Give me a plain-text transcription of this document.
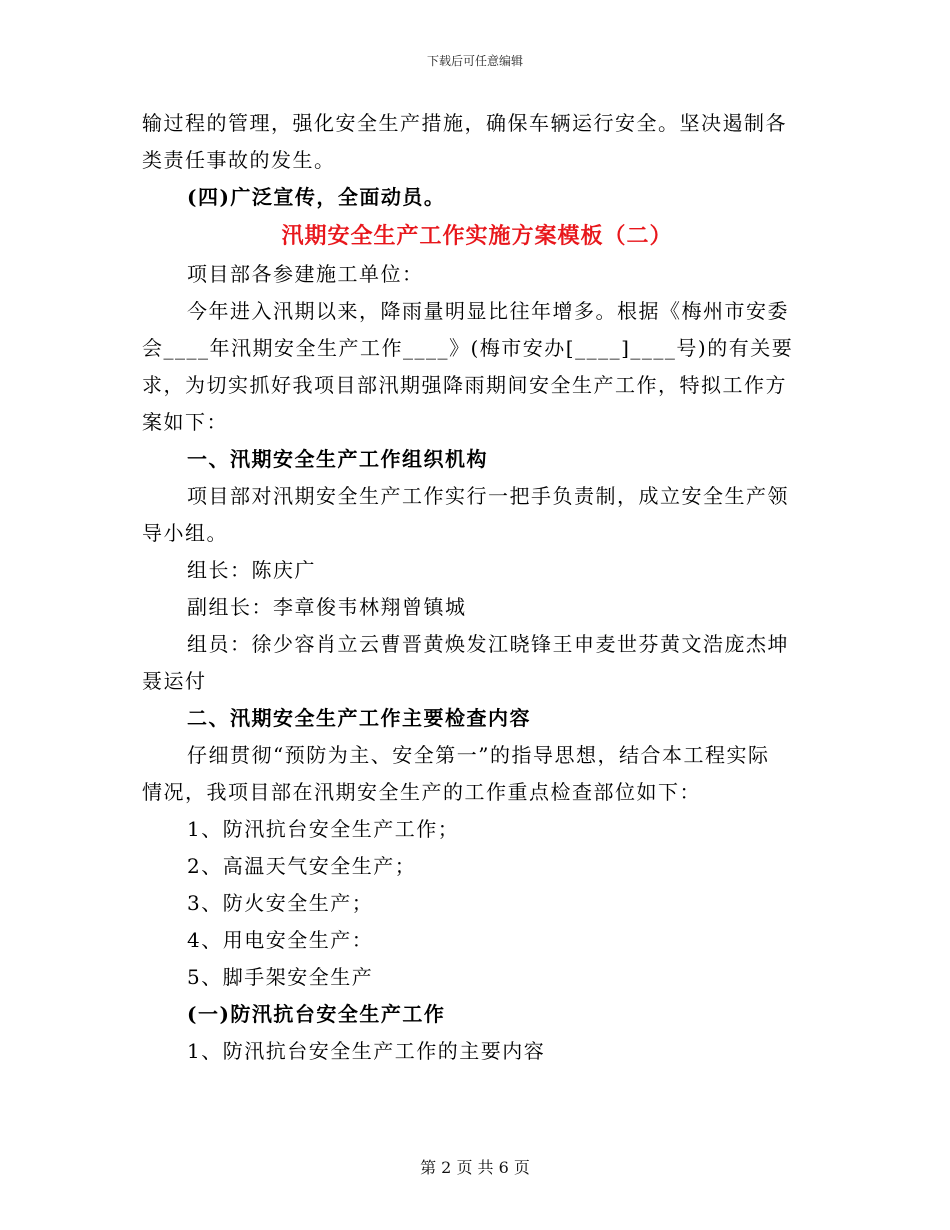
下载后可任意编辑
输过程的管理，强化安全生产措施，确保车辆运行安全。坚决遏制各
类责任事故的发生。
(四)广泛宣传，全面动员。
汛期安全生产工作实施方案模板（二）
项目部各参建施工单位：
今年进入汛期以来，降雨量明显比往年增多。根据《梅州市安委
会____年汛期安全生产工作____》(梅市安办[____]____号)的有关要
求，为切实抓好我项目部汛期强降雨期间安全生产工作，特拟工作方
案如下：
一、汛期安全生产工作组织机构
项目部对汛期安全生产工作实行一把手负责制，成立安全生产领
导小组。
组长：陈庆广
副组长：李章俊韦林翔曾镇城
组员：徐少容肖立云曹晋黄焕发江晓锋王申麦世芬黄文浩庞杰坤
聂运付
二、汛期安全生产工作主要检查内容
仔细贯彻“预防为主、安全第一”的指导思想，结合本工程实际
情况，我项目部在汛期安全生产的工作重点检查部位如下：
1、防汛抗台安全生产工作；
2、高温天气安全生产；
3、防火安全生产；
4、用电安全生产：
5、脚手架安全生产
(一)防汛抗台安全生产工作
1、防汛抗台安全生产工作的主要内容
第 2 页 共 6 页
